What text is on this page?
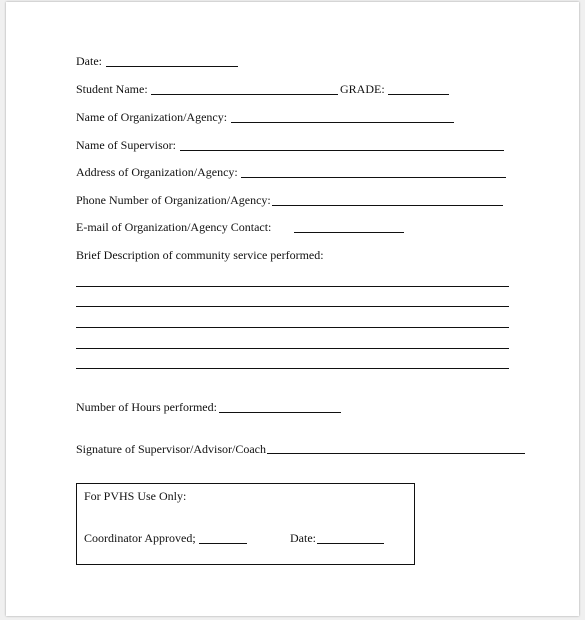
Date:
Student Name:	GRADE:
Name of Organization/Agency:
Name of Supervisor:
Address of Organization/Agency:
Phone Number of Organization/Agency:
E-mail of Organization/Agency Contact:
Brief Description of community service performed:
Number of Hours performed:
Signature of Supervisor/Advisor/Coach
For PVHS Use Only:
Coordinator Approved;	Date:
